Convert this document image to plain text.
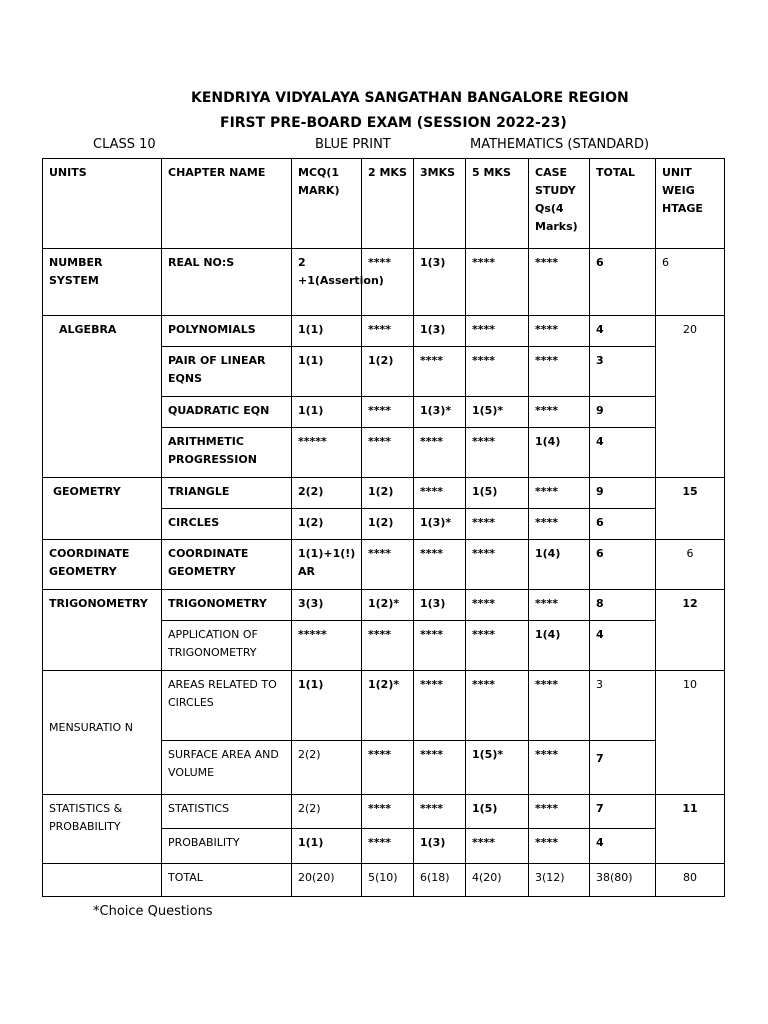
KENDRIYA VIDYALAYA SANGATHAN BANGALORE REGION
FIRST PRE-BOARD EXAM (SESSION 2022-23)
CLASS 10	BLUE PRINT	MATHEMATICS (STANDARD)
UNITS	CHAPTER NAME	MCQ(1 MARK)	2 MKS	3MKS	5 MKS	CASE STUDY Qs(4 Marks)	TOTAL	UNIT WEIG HTAGE
NUMBER SYSTEM	REAL NO:S	2 +1(Assertion)	****	1(3)	****	****	6	6
ALGEBRA	POLYNOMIALS	1(1)	****	1(3)	****	****	4	20
	PAIR OF LINEAR EQNS	1(1)	1(2)	****	****	****	3	
	QUADRATIC EQN	1(1)	****	1(3)*	1(5)*	****	9	
	ARITHMETIC PROGRESSION	*****	****	****	****	1(4)	4	
GEOMETRY	TRIANGLE	2(2)	1(2)	****	1(5)	****	9	15
	CIRCLES	1(2)	1(2)	1(3)*	****	****	6	
COORDINATE GEOMETRY	COORDINATE GEOMETRY	1(1)+1(!) AR	****	****	****	1(4)	6	6
TRIGONOMETRY	TRIGONOMETRY	3(3)	1(2)*	1(3)	****	****	8	12
	APPLICATION OF TRIGONOMETRY	*****	****	****	****	1(4)	4	
MENSURATIO N	AREAS RELATED TO CIRCLES	1(1)	1(2)*	****	****	****	3	10
	SURFACE AREA AND VOLUME	2(2)	****	****	1(5)*	****	7	
STATISTICS & PROBABILITY	STATISTICS	2(2)	****	****	1(5)	****	7	11
	PROBABILITY	1(1)	****	1(3)	****	****	4	
	TOTAL	20(20)	5(10)	6(18)	4(20)	3(12)	38(80)	80
*Choice Questions
